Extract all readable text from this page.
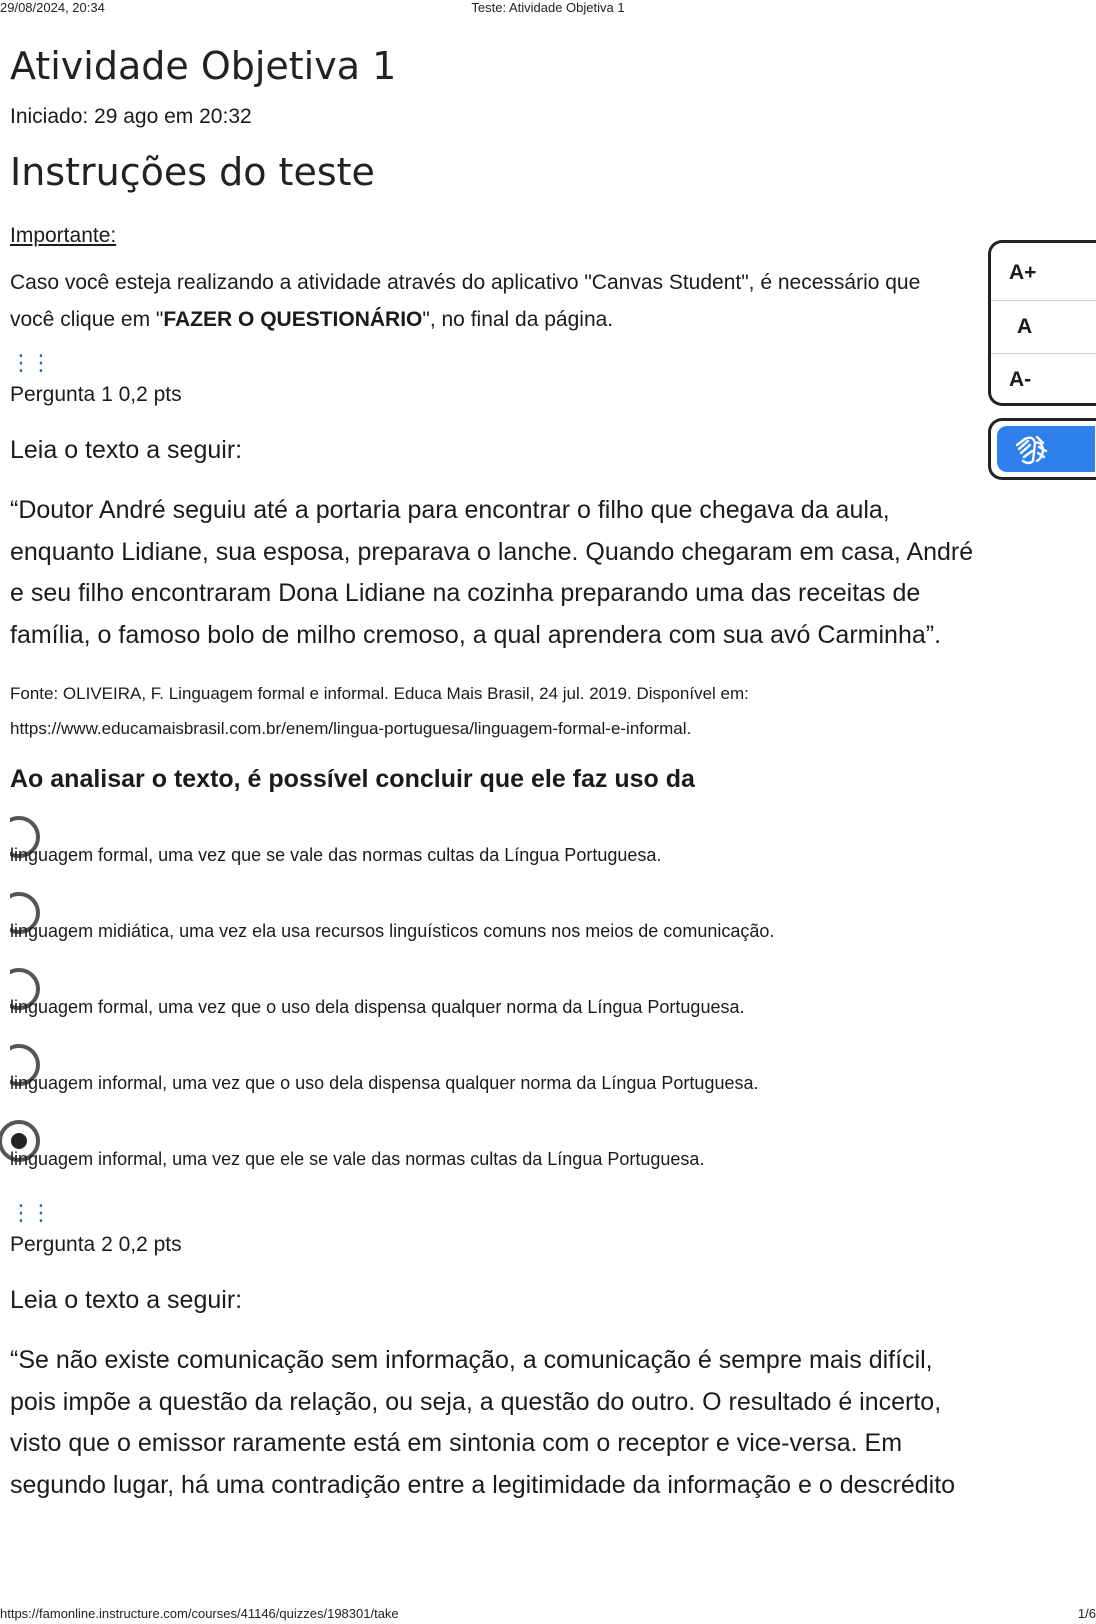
29/08/2024, 20:34	Teste: Atividade Objetiva 1
Atividade Objetiva 1
Iniciado: 29 ago em 20:32
Instruções do teste
Importante:
Caso você esteja realizando a atividade através do aplicativo "Canvas Student", é necessário que
você clique em "FAZER O QUESTIONÁRIO", no final da página.
⋮⋮
Pergunta 1 0,2 pts
Leia o texto a seguir:
“Doutor André seguiu até a portaria para encontrar o filho que chegava da aula,
enquanto Lidiane, sua esposa, preparava o lanche. Quando chegaram em casa, André
e seu filho encontraram Dona Lidiane na cozinha preparando uma das receitas de
família, o famoso bolo de milho cremoso, a qual aprendera com sua avó Carminha”.
Fonte: OLIVEIRA, F. Linguagem formal e informal. Educa Mais Brasil, 24 jul. 2019. Disponível em:
https://www.educamaisbrasil.com.br/enem/lingua-portuguesa/linguagem-formal-e-informal.
Ao analisar o texto, é possível concluir que ele faz uso da
linguagem formal, uma vez que se vale das normas cultas da Língua Portuguesa.
linguagem midiática, uma vez ela usa recursos linguísticos comuns nos meios de comunicação.
linguagem formal, uma vez que o uso dela dispensa qualquer norma da Língua Portuguesa.
linguagem informal, uma vez que o uso dela dispensa qualquer norma da Língua Portuguesa.
linguagem informal, uma vez que ele se vale das normas cultas da Língua Portuguesa.
⋮⋮
Pergunta 2 0,2 pts
Leia o texto a seguir:
“Se não existe comunicação sem informação, a comunicação é sempre mais difícil,
pois impõe a questão da relação, ou seja, a questão do outro. O resultado é incerto,
visto que o emissor raramente está em sintonia com o receptor e vice-versa. Em
segundo lugar, há uma contradição entre a legitimidade da informação e o descrédito
A+
A
A-
https://famonline.instructure.com/courses/41146/quizzes/198301/take	1/6
